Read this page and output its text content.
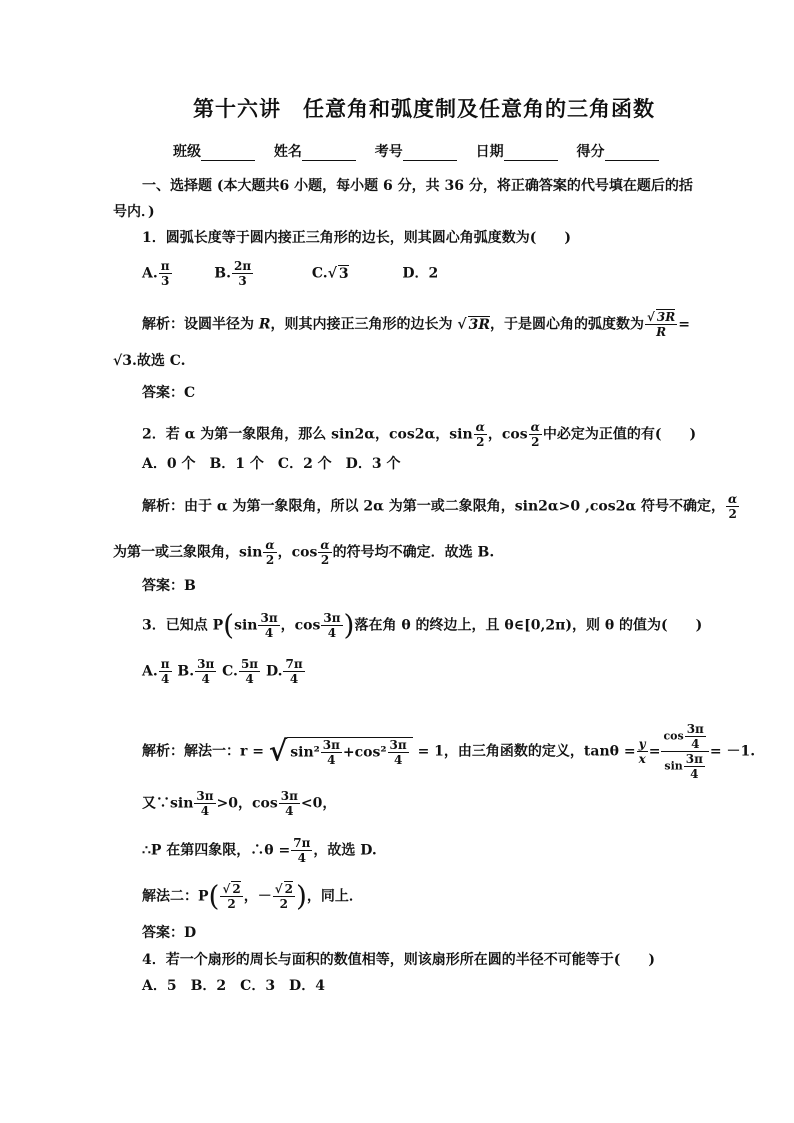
第十六讲　任意角和弧度制及任意角的三角函数
班级	姓名	考号	日期	得分
一、选择题 (本大题共6 小题，每小题 6 分，共 36 分，将正确答案的代号填在题后的括
号内．)
1．圆弧长度等于圆内接正三角形的边长，则其圆心角弧度数为(　　)
A. $\frac{\pi}{3}$	B. $\frac{2\pi}{3}$	C.√ 3	D．2
解析：设圆半径为 R，则其内接正三角形的边长为 √ 3R，于是圆心角的弧度数为 $\frac{√ 3R}{R}$ =
√3.故选 C.
答案：C
2．若 α 为第一象限角，那么 sin2α，cos2α，$\sin \frac{\alpha}{2}$ ，$\cos \frac{\alpha}{2}$ 中必定为正值的有(　　)
A．0 个　B．1 个　C．2 个　D．3 个
解析：由于 α 为第一象限角，所以 2α 为第一或二象限角，sin2α>0 ,cos2α 符号不确定， $\frac{\alpha}{2}$
为第一或三象限角，$\sin \frac{\alpha}{2}$ ，$\cos \frac{\alpha}{2}$ 的符号均不确定．故选 B.
答案：B
3．已知点 $P(\sin \frac{3\pi}{4}$ ，$\cos \frac{3\pi}{4}$ )落在角 θ 的终边上，且 θ∈[0,2π)，则 θ 的值为(　　)
A. $\frac{\pi}{4} B$. $\frac{3\pi}{4} C$. $\frac{5\pi}{4} D$. $\frac{7\pi}{4}$
解析：解法一：r = √ $\sin^2 \frac{3\pi}{4} +\cos^2 \frac{3\pi}{4} = 1$，由三角函数的定义，$\tan\theta = \frac{y}{x} = \frac{\cos \frac{3\pi}{4}}{\sin \frac{3\pi}{4}} = -1$.
又∵sin $\frac{3\pi}{4} >0$，$\cos \frac{3\pi}{4} <0$，
∴P 在第四象限，∴θ = $\frac{7\pi}{4}$ ，故选 D.
解法二：$P( \frac{√ 2}{2}$ ，－ $\frac{√ 2}{2}$ )，同上．
答案：D
4．若一个扇形的周长与面积的数值相等，则该扇形所在圆的半径不可能等于(　　)
A．5　B．2　C．3　D．4
